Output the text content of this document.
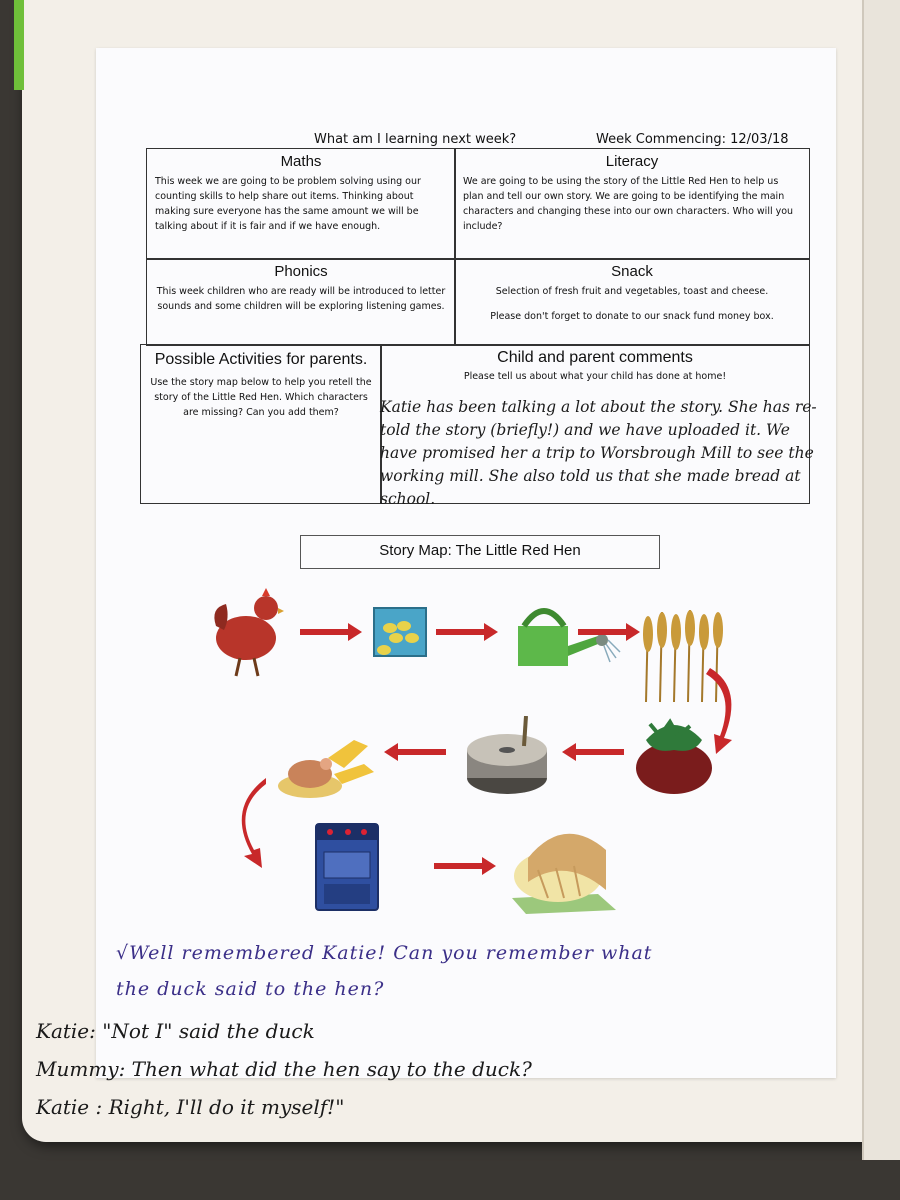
What am I learning next week?	Week Commencing: 12/03/18
Maths

This week we are going to be problem solving using our counting skills to help share out items. Thinking about making sure everyone has the same amount we will be talking about if it is fair and if we have enough.

Literacy

We are going to be using the story of the Little Red Hen to help us plan and tell our own story. We are going to be identifying the main characters and changing these into our own characters. Who will you include?

Phonics

This week children who are ready will be introduced to letter sounds and some children will be exploring listening games.

Snack

Selection of fresh fruit and vegetables, toast and cheese.

Please don't forget to donate to our snack fund money box.

Possible Activities for parents.

Use the story map below to help you retell the story of the Little Red Hen. Which characters are missing? Can you add them?

Child and parent comments

Please tell us about what your child has done at home!

Katie has been talking a lot about the story. She has re-told the story (briefly!) and we have uploaded it. We have promised her a trip to Worsbrough Mill to see the working mill. She also told us that she made bread at school.
Story Map: The Little Red Hen
√Well remembered Katie! Can you remember what
the duck said to the hen?
Katie: "Not I" said the duck
Mummy: Then what did the hen say to the duck?
Katie : Right, I'll do it myself!"
